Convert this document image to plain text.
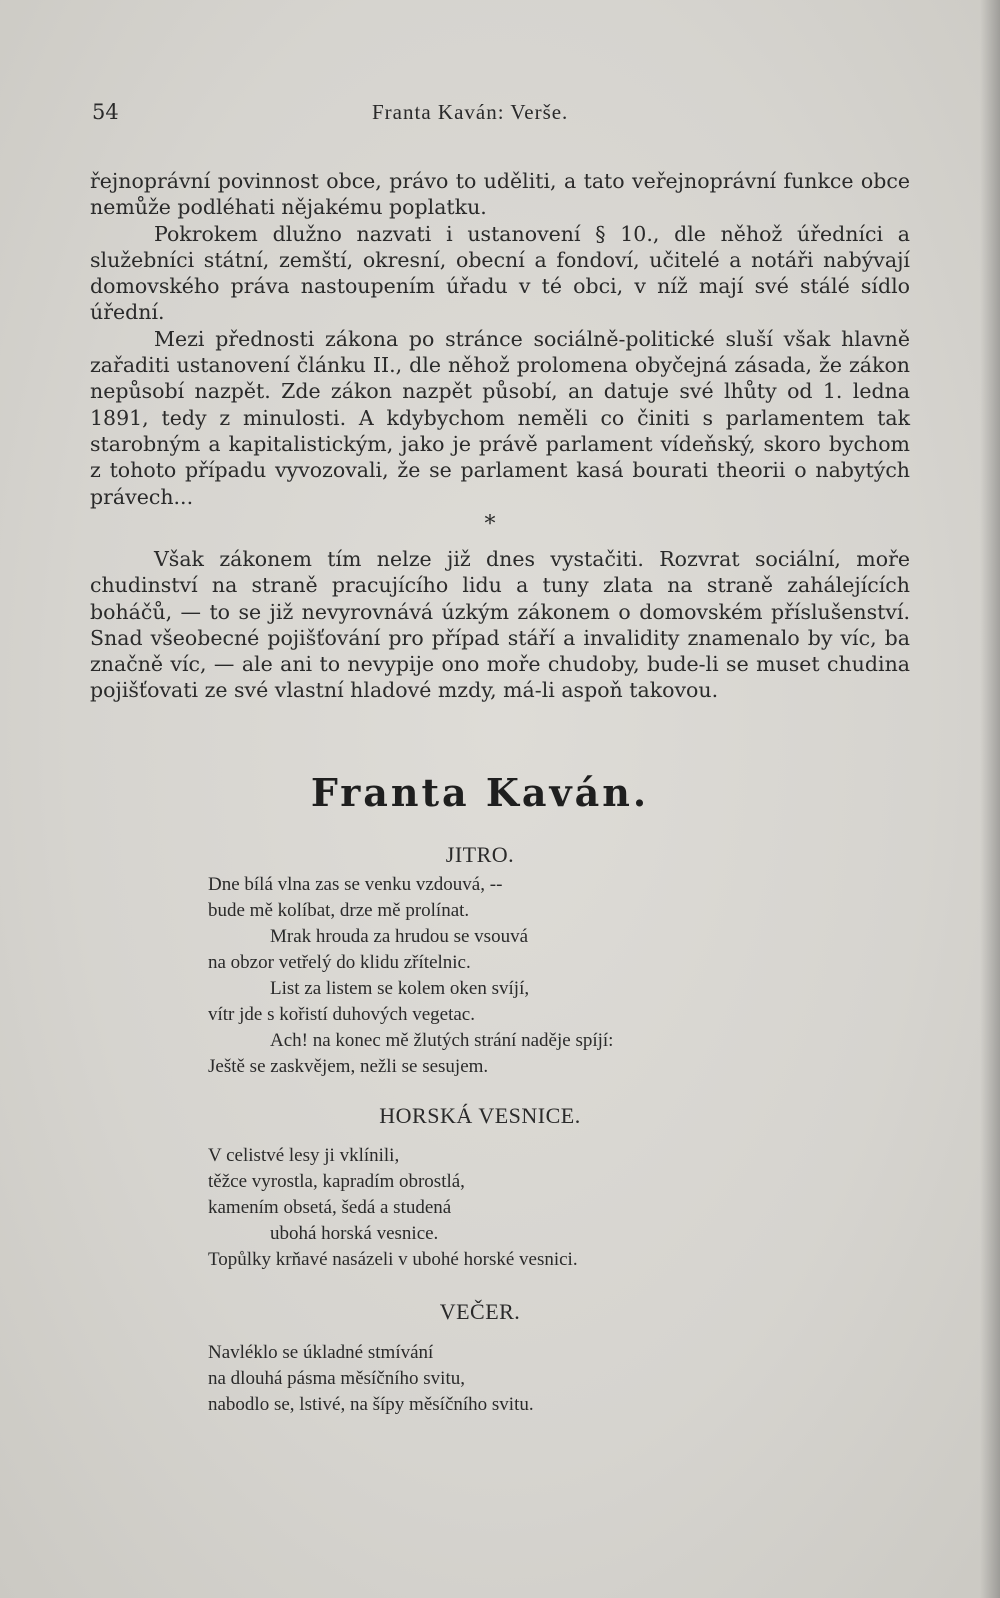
54	Franta Kaván: Verše.

řejnoprávní povinnost obce, právo to uděliti, a tato veřejnoprávní funkce obce nemůže podléhati nějakému poplatku.

Pokrokem dlužno nazvati i ustanovení § 10., dle něhož úředníci a služebníci státní, zemští, okresní, obecní a fondoví, učitelé a notáři nabývají domovského práva nastoupením úřadu v té obci, v níž mají své stálé sídlo úřední.

Mezi přednosti zákona po stránce sociálně-politické sluší však hlavně zařaditi ustanovení článku II., dle něhož prolomena obyčejná zásada, že zákon nepůsobí nazpět. Zde zákon nazpět působí, an datuje své lhůty od 1. ledna 1891, tedy z minulosti. A kdybychom neměli co činiti s parlamentem tak starobným a kapitalistickým, jako je právě parlament vídeňský, skoro bychom z tohoto případu vyvozovali, že se parlament kasá bourati theorii o nabytých právech...

*

Však zákonem tím nelze již dnes vystačiti. Rozvrat sociální, moře chudinství na straně pracujícího lidu a tuny zlata na straně zahálejících boháčů, — to se již nevyrovnává úzkým zákonem o domovském příslušenství. Snad všeobecné pojišťování pro případ stáří a invalidity znamenalo by víc, ba značně víc, — ale ani to nevypije ono moře chudoby, bude-li se muset chudina pojišťovati ze své vlastní hladové mzdy, má-li aspoň takovou.

Franta Kaván.
JITRO.
Dne bílá vlna zas se venku vzdouvá, --
bude mě kolíbat, drze mě prolínat.
Mrak hrouda za hrudou se vsouvá
na obzor vetřelý do klidu zřítelnic.
List za listem se kolem oken svíjí,
vítr jde s kořistí duhových vegetac.
Ach! na konec mě žlutých strání naděje spíjí:
Ještě se zaskvějem, nežli se sesujem.
HORSKÁ VESNICE.
V celistvé lesy ji vklínili,
těžce vyrostla, kapradím obrostlá,
kamením obsetá, šedá a studená
ubohá horská vesnice.
Topůlky krňavé nasázeli v ubohé horské vesnici.
VEČER.
Navléklo se úkladné stmívání
na dlouhá pásma měsíčního svitu,
nabodlo se, lstivé, na šípy měsíčního svitu.
